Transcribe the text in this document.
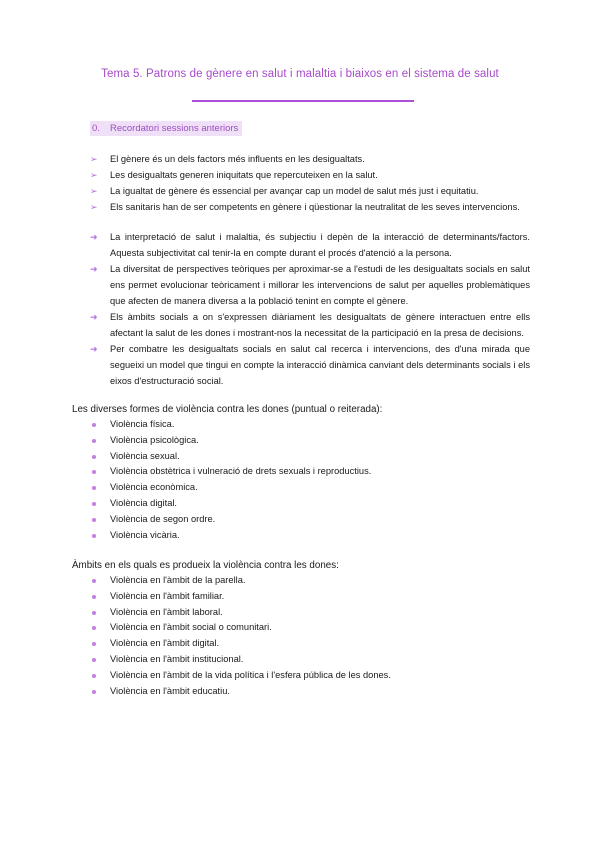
Tema 5. Patrons de gènere en salut i malaltia i biaixos en el sistema de salut
0. Recordatori sessions anteriors
➢ El gènere és un dels factors més influents en les desigualtats.
➢ Les desigualtats generen iniquitats que repercuteixen en la salut.
➢ La igualtat de gènere és essencial per avançar cap un model de salut més just i equitatiu.
➢ Els sanitaris han de ser competents en gènere i qüestionar la neutralitat de les seves intervencions.
➔ La interpretació de salut i malaltia, és subjectiu i depèn de la interacció de determinants/factors. Aquesta subjectivitat cal tenir-la en compte durant el procés d'atenció a la persona.
➔ La diversitat de perspectives teòriques per aproximar-se a l'estudi de les desigualtats socials en salut ens permet evolucionar teòricament i millorar les intervencions de salut per aquelles problemàtiques que afecten de manera diversa a la població tenint en compte el gènere.
➔ Els àmbits socials a on s'expressen diàriament les desigualtats de gènere interactuen entre ells afectant la salut de les dones i mostrant-nos la necessitat de la participació en la presa de decisions.
➔ Per combatre les desigualtats socials en salut cal recerca i intervencions, des d'una mirada que segueixi un model que tingui en compte la interacció dinàmica canviant dels determinants socials i els eixos d'estructuració social.
Les diverses formes de violència contra les dones (puntual o reiterada):
Violència física.
Violència psicològica.
Violència sexual.
Violència obstètrica i vulneració de drets sexuals i reproductius.
Violència econòmica.
Violència digital.
Violència de segon ordre.
Violència vicària.
Àmbits en els quals es produeix la violència contra les dones:
Violència en l'àmbit de la parella.
Violència en l'àmbit familiar.
Violència en l'àmbit laboral.
Violència en l'àmbit social o comunitari.
Violència en l'àmbit digital.
Violència en l'àmbit institucional.
Violència en l'àmbit de la vida política i l'esfera pública de les dones.
Violència en l'àmbit educatiu.
